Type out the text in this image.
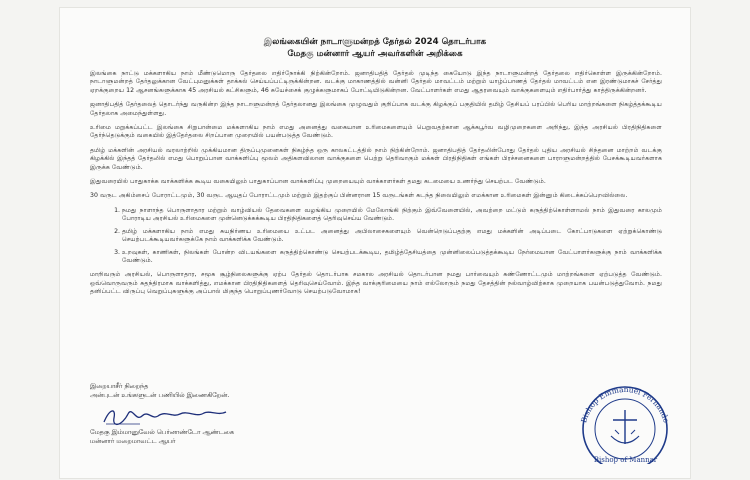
இலங்கையின் நாடாளுமன்றத் தேர்தல் 2024 தொடர்பாக
மேதகு மன்னார் ஆயர் அவர்களின் அறிக்கை

இலங்கை நாட்டு மக்களாகிய நாம் மீண்டுமொரு தேர்தலை எதிர்நோக்கி நிற்கின்றோம். ஜனாதிபதித் தேர்தல் முடிந்த கையோடு இந்த நாடாளுமன்றத் தேர்தலை எதிர்கொள்ள இருக்கின்றோம். நாடாளுமன்றத் தேர்தலுக்கான வேட்புமனுக்கள் தாக்கல் செய்யப்பட்டிருக்கின்றன. வடக்கு மாகாணத்தில் வன்னி தேர்தல் மாவட்டம் மற்றும் யாழ்ப்பாணத் தேர்தல் மாவட்டம் என இரண்டுமாகச் சேர்த்து ஏறக்குறைய 12 ஆசனங்களுக்காக 45 அரசியல் கட்சிகளும், 46 சுயேச்சைக் குழுக்களுமாகப் போட்டியிடுகின்றன. வேட்பாளர்கள் எமது ஆதரவையும் வாக்குகளையும் எதிர்பார்த்து காத்திருக்கின்றனர்.

ஜனாதிபதித் தேர்தலைத் தொடர்ந்து வருகின்ற இந்த நாடாளுமன்றத் தேர்தலானது இலங்கை முழுவதும் குறிப்பாக வடக்கு கிழக்குப் பகுதியில் தமிழ் தேசியப் பரப்பில் பெரிய மாற்றங்களை நிகழ்த்தக்கூடிய தேர்தலாக அமைந்துள்ளது.

உரிமை மறுக்கப்பட்ட இலங்கை சிறுபான்மை மக்களாகிய நாம் எமது அனைத்து வகையான உரிமைகளையும் பெறுவதற்கான ஆக்கபூர்வ வழிமுறைகளை அறிந்து, இந்த அரசியல் பிரதிநிதிகளை தேர்ந்தெடுக்கும் வகையில் இத்தேர்தலை சிறப்பான முறையில் பயன்படுத்த வேண்டும்.

தமிழ் மக்களின் அரசியல் வரலாற்றில் முக்கியமான திருப்புமுனைகள் நிகழ்ந்த ஒரு காலகட்டத்தில் நாம் நிற்கின்றோம். ஜனாதிபதித் தேர்தலின்போது தேர்தல் புதிய அரசியல் சிந்தனை மாற்றம் வடக்கு கிழக்கில் இந்தத் தேர்தலில் எமது பொறுப்பான வாக்களிப்பு மூலம் அதிகளவிலான வாக்குகளை பெற்று தெரிவாகும் மக்கள் பிரதிநிதிகள் எங்கள் பிரச்சனைகளை பாராளுமன்றத்தில் பேசக்கூடியவர்களாக இருக்க வேண்டும்.

இதுவரையில் பாதுகாக்க வாக்களிக்க கூடிய வகையிலும் பாதுகாப்பான வாக்களிப்பு முறையையும் வாக்காளர்கள் தமது கடமையை உணர்ந்து செயற்பட வேண்டும்.

30 வருட அகிம்சைப் போராட்டமும், 30 வருட ஆயுதப் போராட்டமும் மற்றும் இதற்குப் பின்னரான 15 வருடங்கள் கடந்த நிலையிலும் எமக்கான உரிமைகள் இன்னும் கிடைக்கப்பெறவில்லை.

1. நமது நாளாந்த பொருளாதார மற்றும் வாழ்வியல் தேவைகளை வழங்கிய முறையில் மேலோங்கி நிற்கும் இவ்வேளையில், அவற்றை மட்டும் கருத்திற்கொள்ளாமல் நாம் இதுவரை காலமும் போராடிய அரசியல் உரிமைகளை முன்னெடுக்கக்கூடிய பிரதிநிதிகளைத் தெரிவுசெய்ய வேண்டும்.
2. தமிழ் மக்களாகிய நாம் எமது சுயநிர்ணய உரிமையை உட்பட அனைத்து அபிலாசைகளையும் வென்றெடுப்பதற்கு எமது மக்களின் அடிப்படை கோட்பாடுகளை ஏற்றுக்கொண்டு செயற்படக்கூடியவர்களுக்கே நாம் வாக்களிக்க வேண்டும்.
3. உறவுகள், காணிகள், நிலங்கள் போன்ற விடயங்களை கருத்திற்கொண்டு செயற்படக்கூடிய, தமிழ்த்தேசியத்தை முன்னிலைப்படுத்தக்கூடிய நேர்மையான வேட்பாளர்களுக்கு நாம் வாக்களிக்க வேண்டும்.

மாறிவரும் அரசியல், பொருளாதார, சமூக சூழ்நிலைகளுக்கு ஏற்ப தேர்தல் தொடர்பாக சமகால அரசியல் தொடர்பான நமது பார்வையும் கண்ணோட்டமும் மாற்றங்களை ஏற்படுத்த வேண்டும். ஒவ்வொருவரும் சுதந்திரமாக வாக்களித்து, எமக்கான பிரதிநிதிகளைத் தெரிவுசெய்வோம். இந்த வாக்குரிமையை நாம் எல்லோரும் நமது தேசத்தின் நல்வாழ்விற்காக முறையாக பயன்படுத்துவோம். நமது தனிப்பட்ட விருப்பு வெறுப்புகளுக்கு அப்பால் மிகுந்த பொறுப்புணர்வோடு செயற்படுவோமாக!

இறையாசீர் நிறைந்த
அன்புடன் உங்களுடன் பணியில் இணைகிறேன்.
மேதகு இம்மானுவேல் பெர்னாண்டோ ஆண்டகை
மன்னார் மறைமாவட்ட ஆயர்
Bishop Emmanuel Fernando
Bishop of Mannar
